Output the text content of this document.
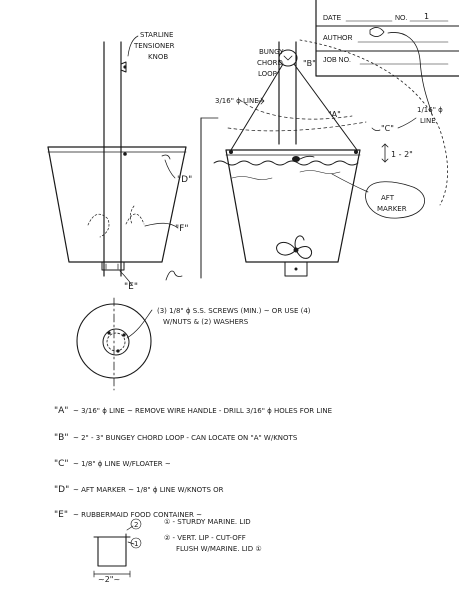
DATE	NO. 1
AUTHOR
JOB NO.
STARLINE
TENSIONER
KNOB
"D"
"F"
"E"
BUNGY
CHORD
LOOP
"B"
3/16" ϕ LINE
"A"	1/16" ϕ
LINE
"C"
1 - 2"
AFT
MARKER
(3) 1/8" ϕ S.S. SCREWS (MIN.) ~ OR USE (4)
W/NUTS & (2) WASHERS
"A" ~ 3/16" ϕ LINE ~ REMOVE WIRE HANDLE - DRILL 3/16" ϕ HOLES FOR LINE
"B" ~ 2" - 3" BUNGEY CHORD LOOP - CAN LOCATE ON "A" W/KNOTS
"C" ~ 1/8" ϕ LINE W/FLOATER ~
"D" ~ AFT MARKER ~ 1/8" ϕ LINE W/KNOTS OR
"E" ~ RUBBERMAID FOOD CONTAINER ~
2
1
~2"~
① - STURDY MARINE. LID
② - VERT. LIP - CUT-OFF
FLUSH W/MARINE. LID ①
